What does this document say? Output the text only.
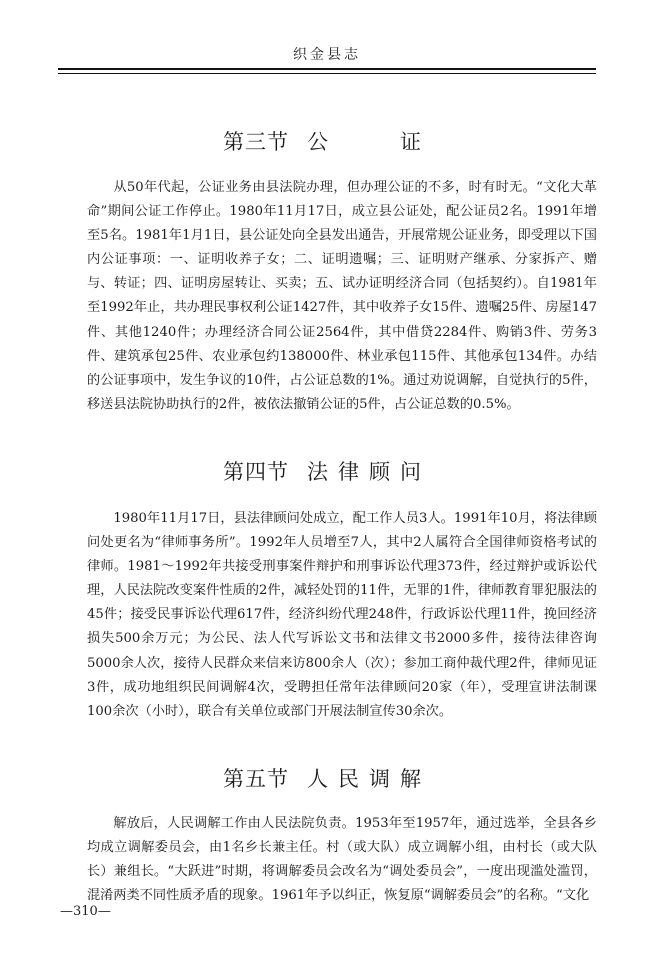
织金县志
第三节 公　　证

从50年代起，公证业务由县法院办理，但办理公证的不多，时有时无。“文化大革命”期间公证工作停止。1980年11月17日，成立县公证处，配公证员2名。1991年增至5名。1981年1月1日，县公证处向全县发出通告，开展常规公证业务，即受理以下国内公证事项：一、证明收养子女；二、证明遗嘱；三、证明财产继承、分家拆产、赠与、转证；四、证明房屋转让、买卖；五、试办证明经济合同（包括契约）。自1981年至1992年止，共办理民事权利公证1427件，其中收养子女15件、遗嘱25件、房屋147件、其他1240件；办理经济合同公证2564件，其中借贷2284件、购销3件、劳务3件、建筑承包25件、农业承包约138000件、林业承包115件、其他承包134件。办结的公证事项中，发生争议的10件，占公证总数的1%。通过劝说调解，自觉执行的5件，移送县法院协助执行的2件，被依法撤销公证的5件，占公证总数的0.5%。

第四节 法律顾问

1980年11月17日，县法律顾问处成立，配工作人员3人。1991年10月，将法律顾问处更名为“律师事务所”。1992年人员增至7人，其中2人属符合全国律师资格考试的律师。1981～1992年共接受刑事案件辩护和刑事诉讼代理373件，经过辩护或诉讼代理，人民法院改变案件性质的2件，减轻处罚的11件，无罪的1件，律师教育罪犯服法的45件；接受民事诉讼代理617件，经济纠纷代理248件，行政诉讼代理11件，挽回经济损失500余万元；为公民、法人代写诉讼文书和法律文书2000多件，接待法律咨询5000余人次，接待人民群众来信来访800余人（次）；参加工商仲裁代理2件，律师见证3件，成功地组织民间调解4次，受聘担任常年法律顾问20家（年），受理宣讲法制课100余次（小时），联合有关单位或部门开展法制宣传30余次。

第五节 人民调解

解放后，人民调解工作由人民法院负责。1953年至1957年，通过选举，全县各乡均成立调解委员会，由1名乡长兼主任。村（或大队）成立调解小组，由村长（或大队长）兼组长。“大跃进”时期，将调解委员会改名为“调处委员会”，一度出现滥处滥罚，混淆两类不同性质矛盾的现象。1961年予以纠正，恢复原“调解委员会”的名称。“文化

—310—
